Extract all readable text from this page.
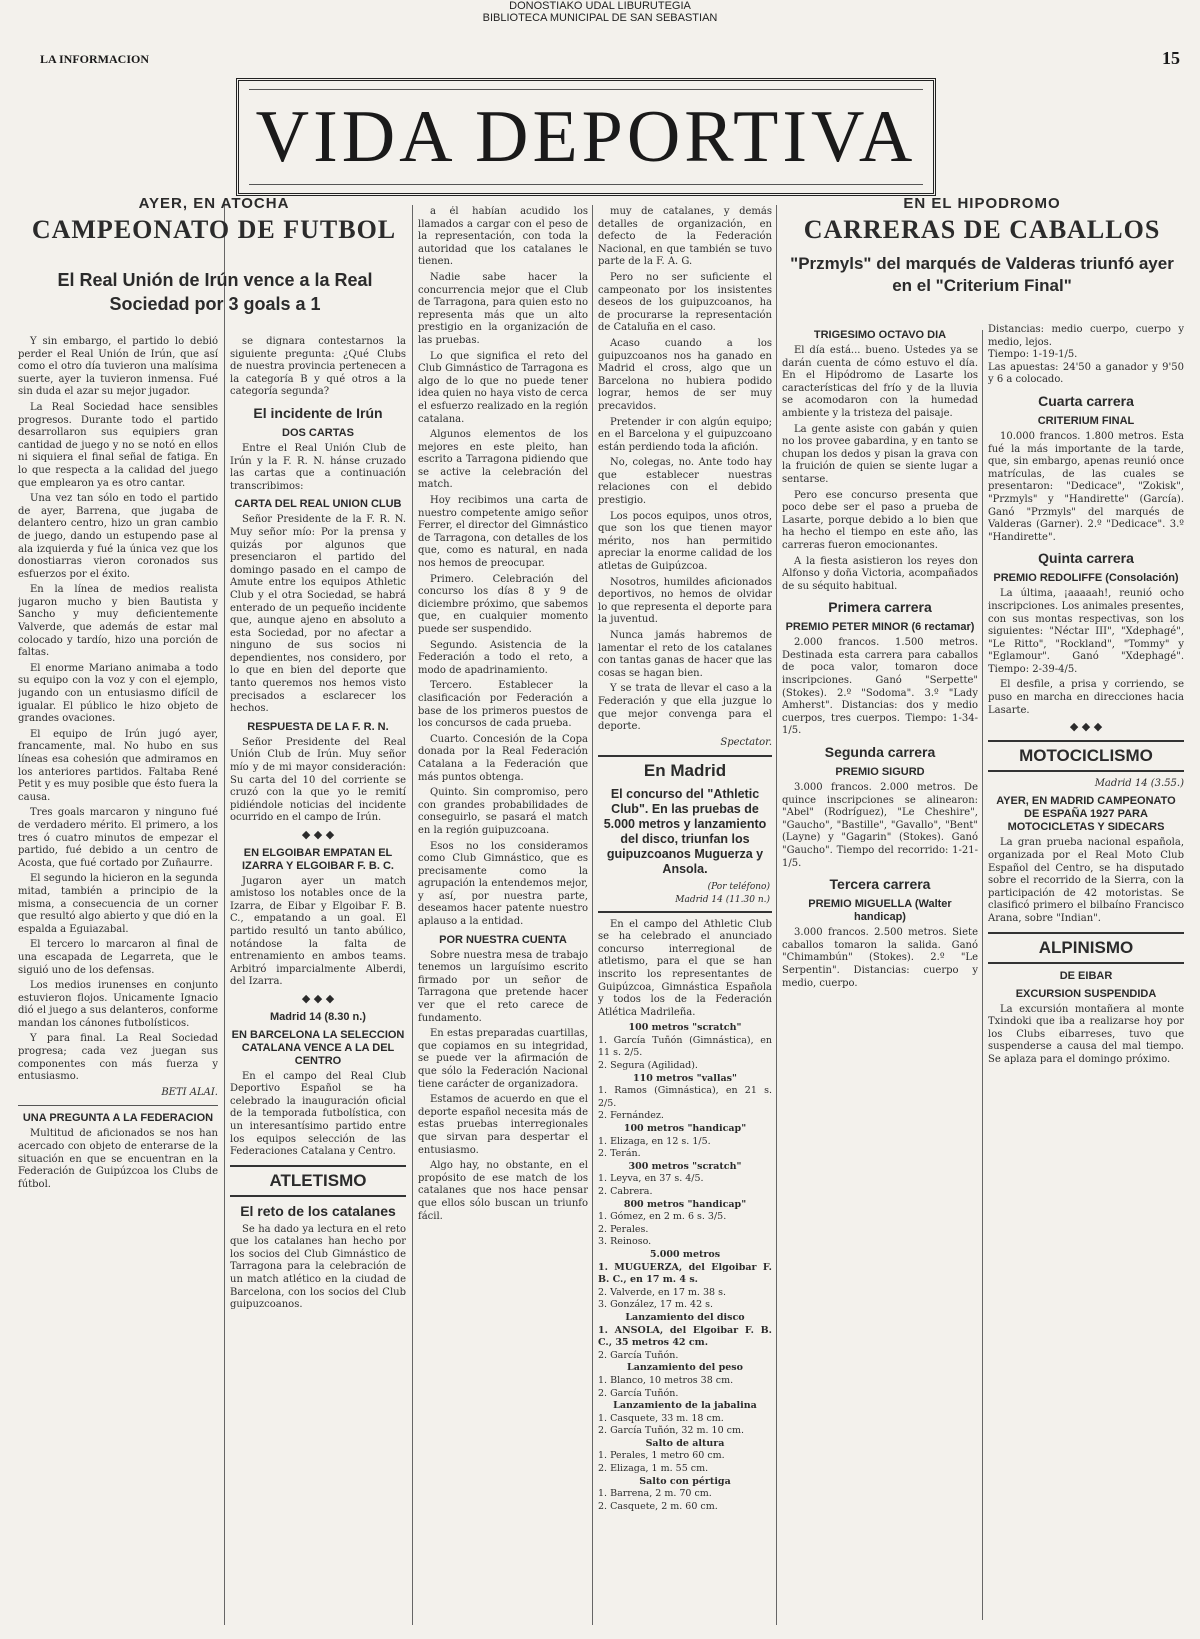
DONOSTIAKO UDAL LIBURUTEGIA
BIBLIOTECA MUNICIPAL DE SAN SEBASTIAN
LA INFORMACION	15
VIDA DEPORTIVA
AYER, EN ATOCHA
CAMPEONATO DE FUTBOL
El Real Unión de Irún vence a la Real Sociedad por 3 goals a 1

Y sin embargo, el partido lo debió perder el Real Unión de Irún, que así como el otro día tuvieron una malísima suerte, ayer la tuvieron inmensa. Fué sin duda el azar su mejor jugador.

La Real Sociedad hace sensibles progresos. Durante todo el partido desarrollaron sus equipiers gran cantidad de juego y no se notó en ellos ni siquiera el final señal de fatiga. En lo que respecta a la calidad del juego que emplearon ya es otro cantar.

Una vez tan sólo en todo el partido de ayer, Barrena, que jugaba de delantero centro, hizo un gran cambio de juego, dando un estupendo pase al ala izquierda y fué la única vez que los donostiarras vieron coronados sus esfuerzos por el éxito.

En la línea de medios realista jugaron mucho y bien Bautista y Sancho y muy deficientemente Valverde, que además de estar mal colocado y tardío, hizo una porción de faltas.

El enorme Mariano animaba a todo su equipo con la voz y con el ejemplo, jugando con un entusiasmo difícil de igualar. El público le hizo objeto de grandes ovaciones.

El equipo de Irún jugó ayer, francamente, mal. No hubo en sus líneas esa cohesión que admiramos en los anteriores partidos. Faltaba René Petit y es muy posible que ésto fuera la causa.

Tres goals marcaron y ninguno fué de verdadero mérito. El primero, a los tres ó cuatro minutos de empezar el partido, fué debido a un centro de Acosta, que fué cortado por Zuñaurre.

El segundo la hicieron en la segunda mitad, también a principio de la misma, a consecuencia de un corner que resultó algo abierto y que dió en la espalda a Eguiazabal.

El tercero lo marcaron al final de una escapada de Legarreta, que le siguió uno de los defensas.

Los medios irunenses en conjunto estuvieron flojos. Unicamente Ignacio dió el juego a sus delanteros, conforme mandan los cánones futbolísticos.

Y para final. La Real Sociedad progresa; cada vez juegan sus componentes con más fuerza y entusiasmo.

BETI ALAI.
UNA PREGUNTA A LA FEDERACION

Multitud de aficionados se nos han acercado con objeto de enterarse de la situación en que se encuentran en la Federación de Guipúzcoa los Clubs de fútbol.

se dignara contestarnos la siguiente pregunta: ¿Qué Clubs de nuestra provincia pertenecen a la categoría B y qué otros a la categoría segunda?

El incidente de Irún
DOS CARTAS

Entre el Real Unión Club de Irún y la F. R. N. hánse cruzado las cartas que a continuación transcribimos:

CARTA DEL REAL UNION CLUB

Señor Presidente de la F. R. N. Muy señor mío: Por la prensa y quizás por algunos que presenciaron el partido del domingo pasado en el campo de Amute entre los equipos Athletic Club y el otra Sociedad, se habrá enterado de un pequeño incidente que, aunque ajeno en absoluto a esta Sociedad, por no afectar a ninguno de sus socios ni dependientes, nos considero, por lo que en bien del deporte que tanto queremos nos hemos visto precisados a esclarecer los hechos.

RESPUESTA DE LA F. R. N.

Señor Presidente del Real Unión Club de Irún. Muy señor mío y de mi mayor consideración: Su carta del 10 del corriente se cruzó con la que yo le remití pidiéndole noticias del incidente ocurrido en el campo de Irún.

◆ ◆ ◆
EN ELGOIBAR EMPATAN EL IZARRA Y ELGOIBAR F. B. C.

Jugaron ayer un match amistoso los notables once de la Izarra, de Eibar y Elgoibar F. B. C., empatando a un goal. El partido resultó un tanto abúlico, notándose la falta de entrenamiento en ambos teams. Arbitró imparcialmente Alberdi, del Izarra.

◆ ◆ ◆
Madrid 14 (8.30 n.)
EN BARCELONA LA SELECCION CATALANA VENCE A LA DEL CENTRO

En el campo del Real Club Deportivo Español se ha celebrado la inauguración oficial de la temporada futbolística, con un interesantísimo partido entre los equipos selección de las Federaciones Catalana y Centro.

ATLETISMO
El reto de los catalanes

Se ha dado ya lectura en el reto que los catalanes han hecho por los socios del Club Gimnástico de Tarragona para la celebración de un match atlético en la ciudad de Barcelona, con los socios del Club guipuzcoanos.

a él habían acudido los llamados a cargar con el peso de la representación, con toda la autoridad que los catalanes le tienen.

Nadie sabe hacer la concurrencia mejor que el Club de Tarragona, para quien esto no representa más que un alto prestigio en la organización de las pruebas.

Lo que significa el reto del Club Gimnástico de Tarragona es algo de lo que no puede tener idea quien no haya visto de cerca el esfuerzo realizado en la región catalana.

Algunos elementos de los mejores en este pleito, han escrito a Tarragona pidiendo que se active la celebración del match.

Hoy recibimos una carta de nuestro competente amigo señor Ferrer, el director del Gimnástico de Tarragona, con detalles de los que, como es natural, en nada nos hemos de preocupar.

Primero. Celebración del concurso los días 8 y 9 de diciembre próximo, que sabemos que, en cualquier momento puede ser suspendido.

Segundo. Asistencia de la Federación a todo el reto, a modo de apadrinamiento.

Tercero. Establecer la clasificación por Federación a base de los primeros puestos de los concursos de cada prueba.

Cuarto. Concesión de la Copa donada por la Real Federación Catalana a la Federación que más puntos obtenga.

Quinto. Sin compromiso, pero con grandes probabilidades de conseguirlo, se pasará el match en la región guipuzcoana.

Esos no los consideramos como Club Gimnástico, que es precisamente como la agrupación la entendemos mejor, y así, por nuestra parte, deseamos hacer patente nuestro aplauso a la entidad.

POR NUESTRA CUENTA

Sobre nuestra mesa de trabajo tenemos un larguísimo escrito firmado por un señor de Tarragona que pretende hacer ver que el reto carece de fundamento.

En estas preparadas cuartillas, que copiamos en su integridad, se puede ver la afirmación de que sólo la Federación Nacional tiene carácter de organizadora.

Estamos de acuerdo en que el deporte español necesita más de estas pruebas interregionales que sirvan para despertar el entusiasmo.

Algo hay, no obstante, en el propósito de ese match de los catalanes que nos hace pensar que ellos sólo buscan un triunfo fácil.

muy de catalanes, y demás detalles de organización, en defecto de la Federación Nacional, en que también se tuvo parte de la F. A. G.

Pero no ser suficiente el campeonato por los insistentes deseos de los guipuzcoanos, ha de procurarse la representación de Cataluña en el caso.

Acaso cuando a los guipuzcoanos nos ha ganado en Madrid el cross, algo que un Barcelona no hubiera podido lograr, hemos de ser muy precavidos.

Pretender ir con algún equipo; en el Barcelona y el guipuzcoano están perdiendo toda la afición.

No, colegas, no. Ante todo hay que establecer nuestras relaciones con el debido prestigio.

Los pocos equipos, unos otros, que son los que tienen mayor mérito, nos han permitido apreciar la enorme calidad de los atletas de Guipúzcoa.

Nosotros, humildes aficionados deportivos, no hemos de olvidar lo que representa el deporte para la juventud.

Nunca jamás habremos de lamentar el reto de los catalanes con tantas ganas de hacer que las cosas se hagan bien.

Y se trata de llevar el caso a la Federación y que ella juzgue lo que mejor convenga para el deporte.

Spectator.
En Madrid
El concurso del "Athletic Club". En las pruebas de 5.000 metros y lanzamiento del disco, triunfan los guipuzcoanos Muguerza y Ansola.
(Por teléfono)
Madrid 14 (11.30 n.)

En el campo del Athletic Club se ha celebrado el anunciado concurso interregional de atletismo, para el que se han inscrito los representantes de Guipúzcoa, Gimnástica Española y todos los de la Federación Atlética Madrileña.

100 metros "scratch"
1. García Tuñón (Gimnástica), en 11 s. 2/5.
2. Segura (Agilidad).
110 metros "vallas"
1. Ramos (Gimnástica), en 21 s. 2/5.
2. Fernández.
100 metros "handicap"
1. Elizaga, en 12 s. 1/5.
2. Terán.
300 metros "scratch"
1. Leyva, en 37 s. 4/5.
2. Cabrera.
800 metros "handicap"
1. Gómez, en 2 m. 6 s. 3/5.
2. Perales.
3. Reinoso.
5.000 metros
1. MUGUERZA, del Elgoibar F. B. C., en 17 m. 4 s.
2. Valverde, en 17 m. 38 s.
3. González, 17 m. 42 s.
Lanzamiento del disco
1. ANSOLA, del Elgoibar F. B. C., 35 metros 42 cm.
2. García Tuñón.
Lanzamiento del peso
1. Blanco, 10 metros 38 cm.
2. García Tuñón.
Lanzamiento de la jabalina
1. Casquete, 33 m. 18 cm.
2. García Tuñón, 32 m. 10 cm.
Salto de altura
1. Perales, 1 metro 60 cm.
2. Elizaga, 1 m. 55 cm.
Salto con pértiga
1. Barrena, 2 m. 70 cm.
2. Casquete, 2 m. 60 cm.
EN EL HIPODROMO
CARRERAS DE CABALLOS
"Przmyls" del marqués de Valderas triunfó ayer en el "Criterium Final"
TRIGESIMO OCTAVO DIA

El día está... bueno. Ustedes ya se darán cuenta de cómo estuvo el día. En el Hipódromo de Lasarte los características del frío y de la lluvia se acomodaron con la humedad ambiente y la tristeza del paisaje.

La gente asiste con gabán y quien no los provee gabardina, y en tanto se chupan los dedos y pisan la grava con la fruición de quien se siente lugar a sentarse.

Pero ese concurso presenta que poco debe ser el paso a prueba de Lasarte, porque debido a lo bien que ha hecho el tiempo en este año, las carreras fueron emocionantes.

A la fiesta asistieron los reyes don Alfonso y doña Victoria, acompañados de su séquito habitual.

Primera carrera
PREMIO PETER MINOR (6 rectamar)

2.000 francos. 1.500 metros. Destinada esta carrera para caballos de poca valor, tomaron doce inscripciones. Ganó "Serpette" (Stokes). 2.º "Sodoma". 3.º "Lady Amherst". Distancias: dos y medio cuerpos, tres cuerpos. Tiempo: 1-34-1/5.

Segunda carrera
PREMIO SIGURD

3.000 francos. 2.000 metros. De quince inscripciones se alinearon: "Abel" (Rodríguez), "Le Cheshire", "Gaucho", "Bastille", "Gavallo", "Bent" (Layne) y "Gagarin" (Stokes). Ganó "Gaucho". Tiempo del recorrido: 1-21-1/5.

Tercera carrera
PREMIO MIGUELLA (Walter handicap)

3.000 francos. 2.500 metros. Siete caballos tomaron la salida. Ganó "Chimambún" (Stokes). 2.º "Le Serpentin". Distancias: cuerpo y medio, cuerpo.

Distancias: medio cuerpo, cuerpo y medio, lejos.
Tiempo: 1-19-1/5.
Las apuestas: 24'50 a ganador y 9'50 y 6 a colocado.
Cuarta carrera
CRITERIUM FINAL

10.000 francos. 1.800 metros. Esta fué la más importante de la tarde, que, sin embargo, apenas reunió once matrículas, de las cuales se presentaron: "Dedicace", "Zokisk", "Przmyls" y "Handirette" (García). Ganó "Przmyls" del marqués de Valderas (Garner). 2.º "Dedicace". 3.º "Handirette".

Quinta carrera
PREMIO REDOLIFFE (Consolación)

La última, ¡aaaaah!, reunió ocho inscripciones. Los animales presentes, con sus montas respectivas, son los siguientes: "Néctar III", "Xdephagé", "Le Ritto", "Rockland", "Tommy" y "Eglamour". Ganó "Xdephagé". Tiempo: 2-39-4/5.

El desfile, a prisa y corriendo, se puso en marcha en direcciones hacia Lasarte.

◆ ◆ ◆
MOTOCICLISMO
Madrid 14 (3.55.)
AYER, EN MADRID CAMPEONATO DE ESPAÑA 1927 PARA MOTOCICLETAS Y SIDECARS

La gran prueba nacional española, organizada por el Real Moto Club Español del Centro, se ha disputado sobre el recorrido de la Sierra, con la participación de 42 motoristas. Se clasificó primero el bilbaíno Francisco Arana, sobre "Indian".

ALPINISMO
DE EIBAR
EXCURSION SUSPENDIDA

La excursión montañera al monte Txindoki que iba a realizarse hoy por los Clubs eibarreses, tuvo que suspenderse a causa del mal tiempo. Se aplaza para el domingo próximo.
